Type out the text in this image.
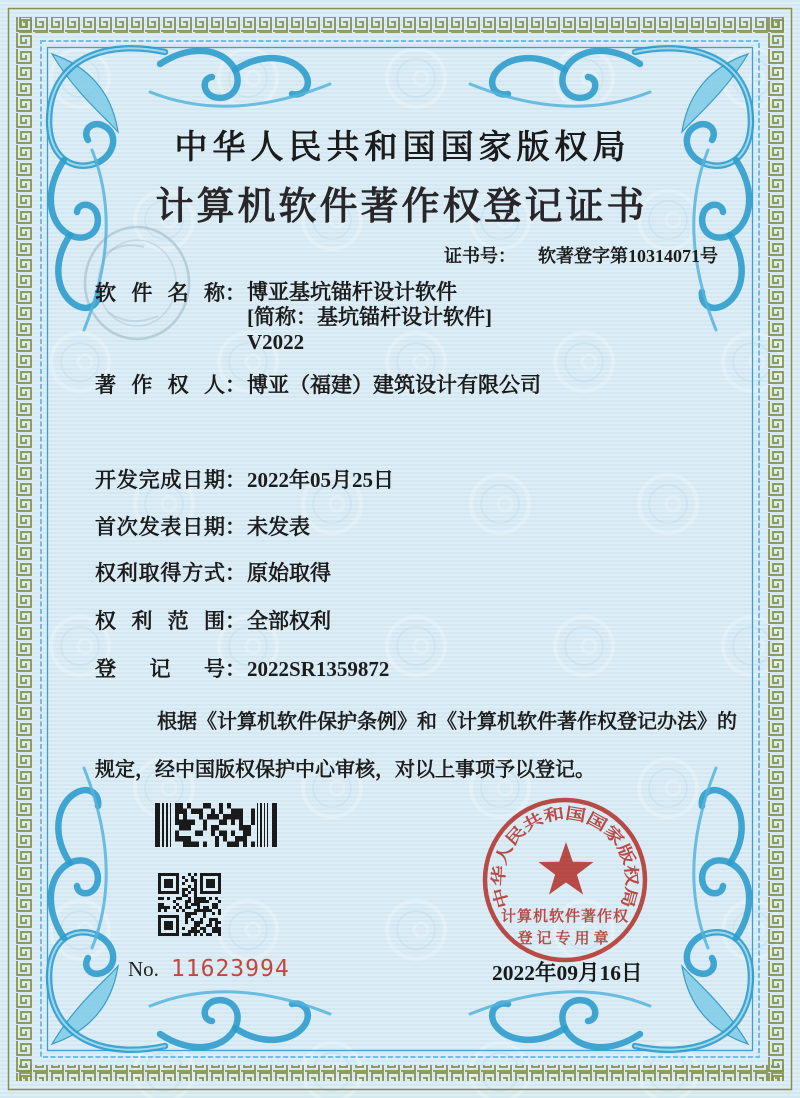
中华人民共和国国家版权局
计算机软件著作权登记证书
证书号： 软著登字第10314071号
软件名称 ： 博亚基坑锚杆设计软件
[简称：基坑锚杆设计软件]
V2022
著作权人 ： 博亚（福建）建筑设计有限公司
开发完成日期 ： 2022年05月25日
首次发表日期 ： 未发表
权利取得方式 ： 原始取得
权利范围 ： 全部权利
登记号 ： 2022SR1359872
根据《计算机软件保护条例》和《计算机软件著作权登记办法》的
规定，经中国版权保护中心审核，对以上事项予以登记。
No. 11623994	2022年09月16日
中华人民共和国国家版权局
计算机软件著作权
登记专用章
